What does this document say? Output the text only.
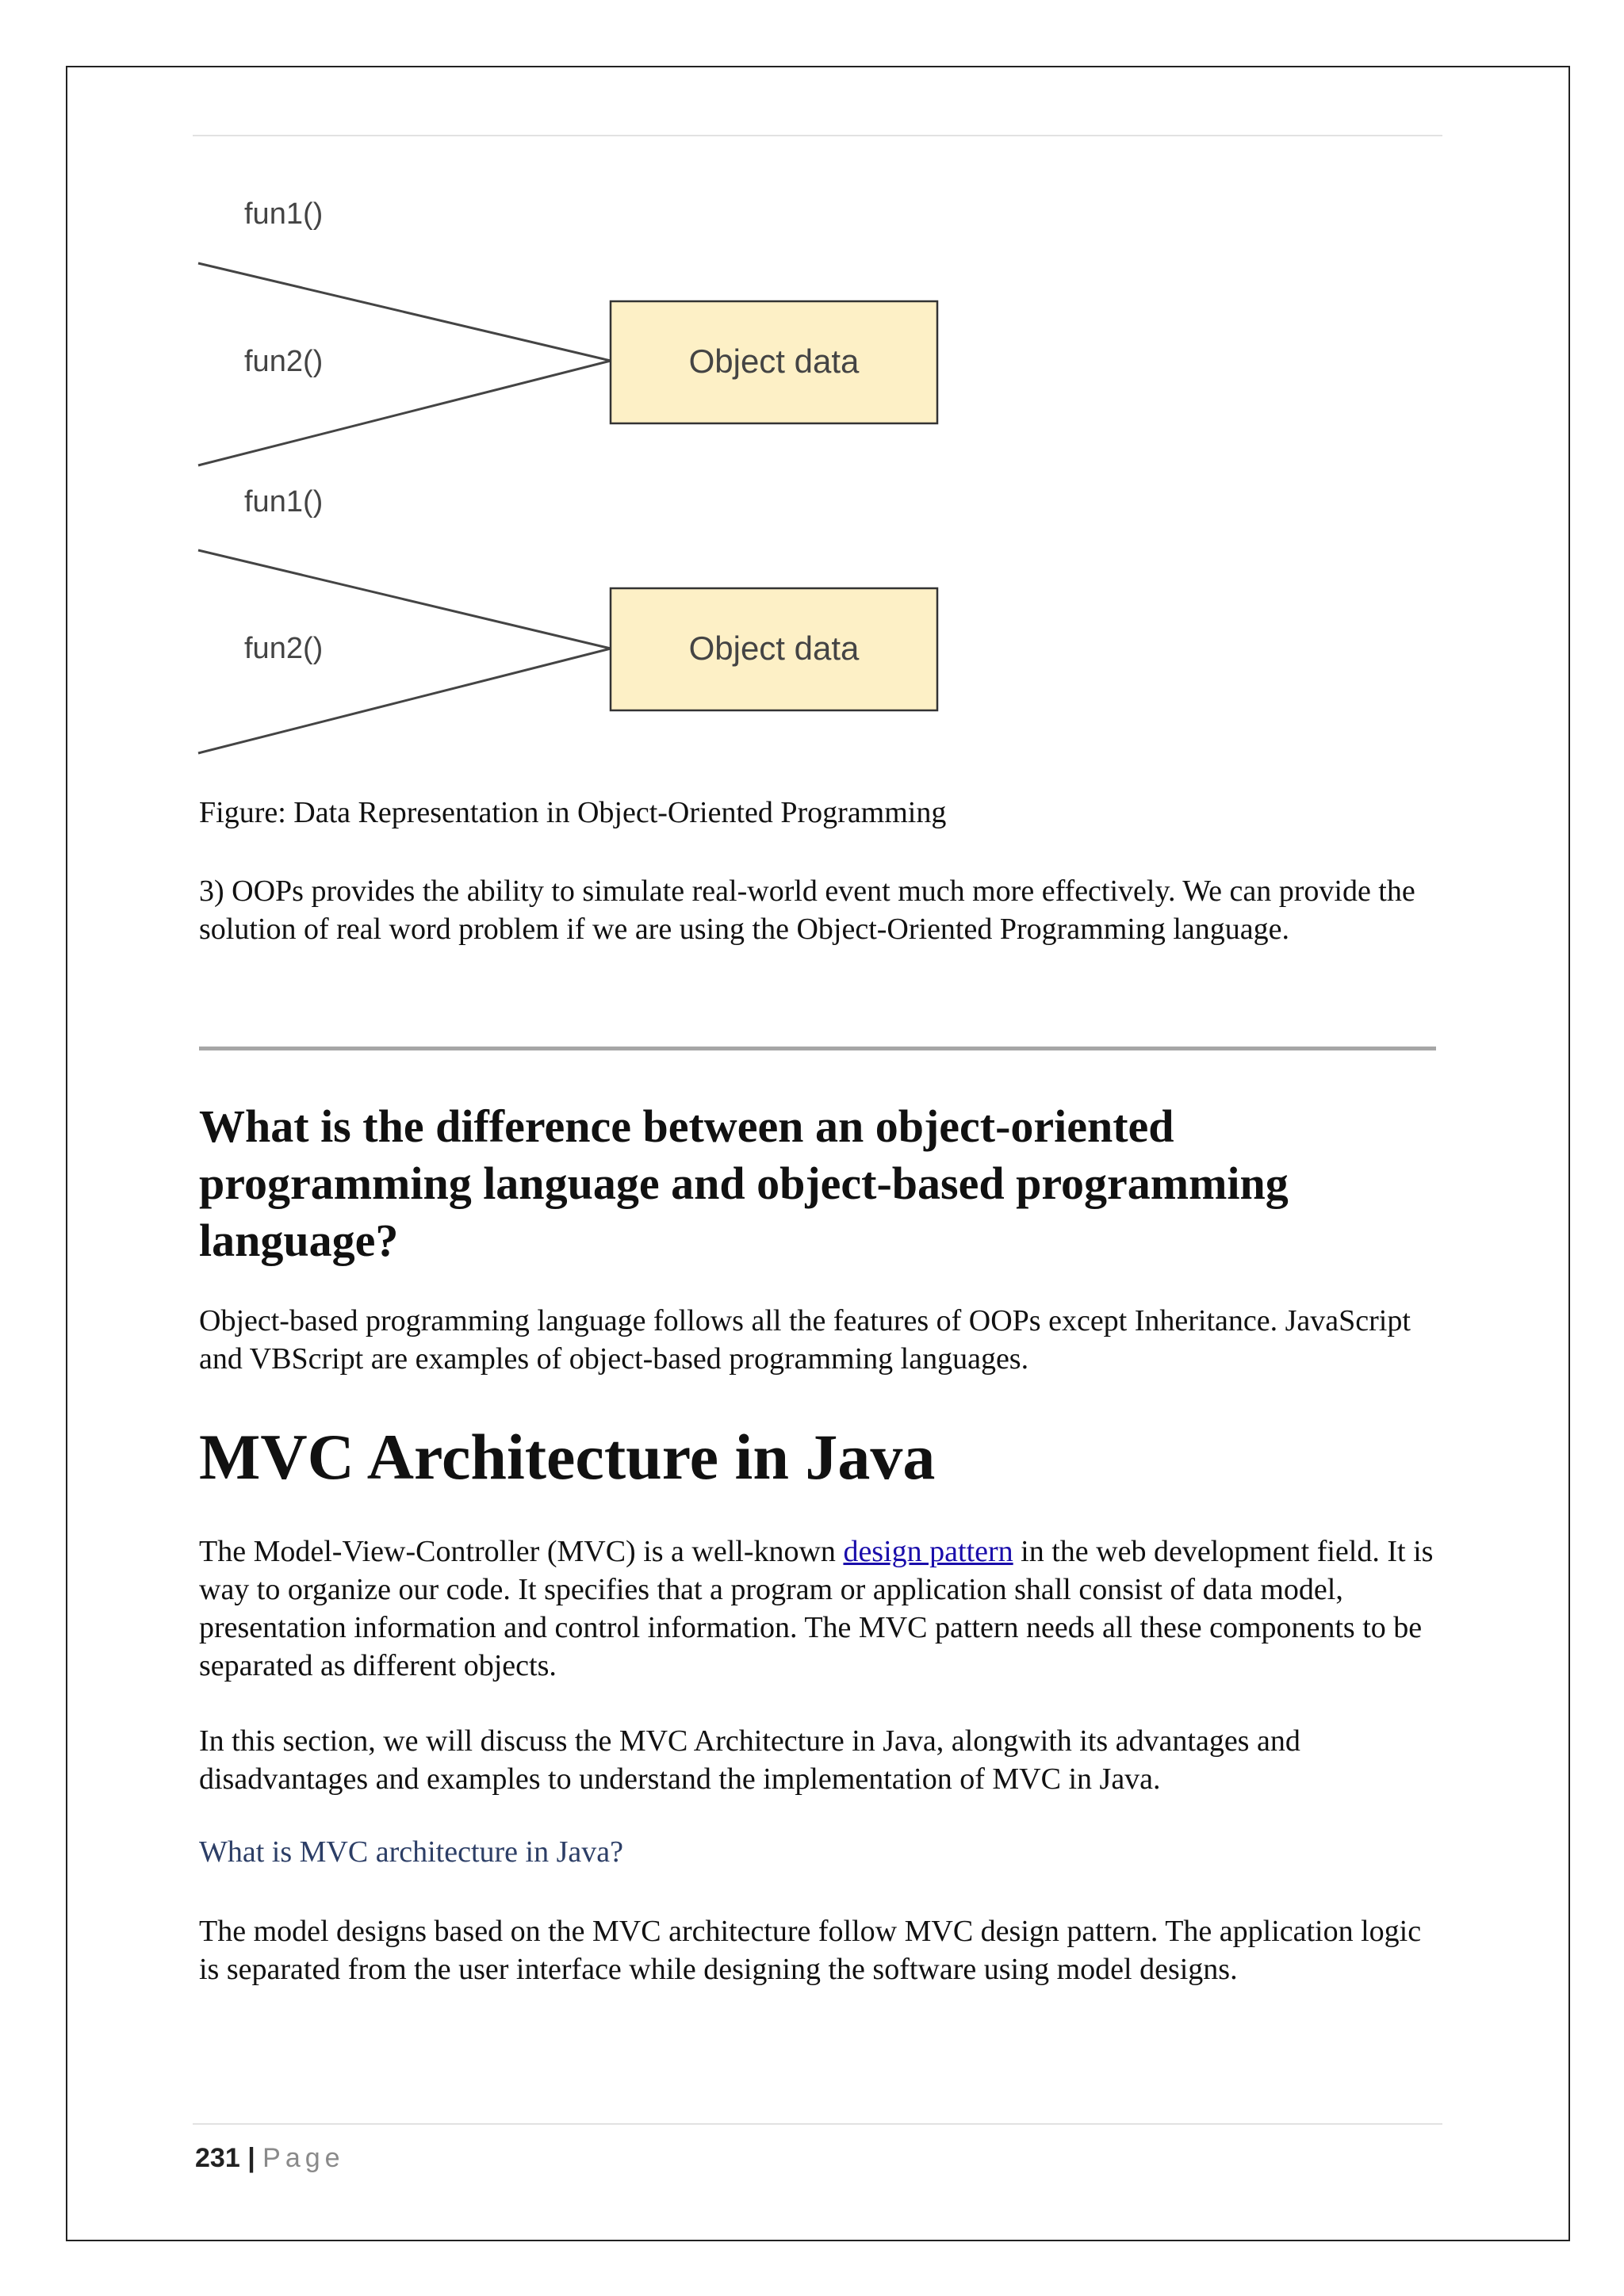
fun1()
fun2()	Object data
fun1()
fun2()	Object data
Figure: Data Representation in Object-Oriented Programming

3) OOPs provides the ability to simulate real-world event much more effectively. We can provide the solution of real word problem if we are using the Object-Oriented Programming language.

What is the difference between an object-oriented programming language and object-based programming language?

Object-based programming language follows all the features of OOPs except Inheritance. JavaScript and VBScript are examples of object-based programming languages.

MVC Architecture in Java

The Model-View-Controller (MVC) is a well-known design pattern in the web development field. It is way to organize our code. It specifies that a program or application shall consist of data model, presentation information and control information. The MVC pattern needs all these components to be separated as different objects.

In this section, we will discuss the MVC Architecture in Java, alongwith its advantages and disadvantages and examples to understand the implementation of MVC in Java.

What is MVC architecture in Java?

The model designs based on the MVC architecture follow MVC design pattern. The application logic is separated from the user interface while designing the software using model designs.

231 | Page
